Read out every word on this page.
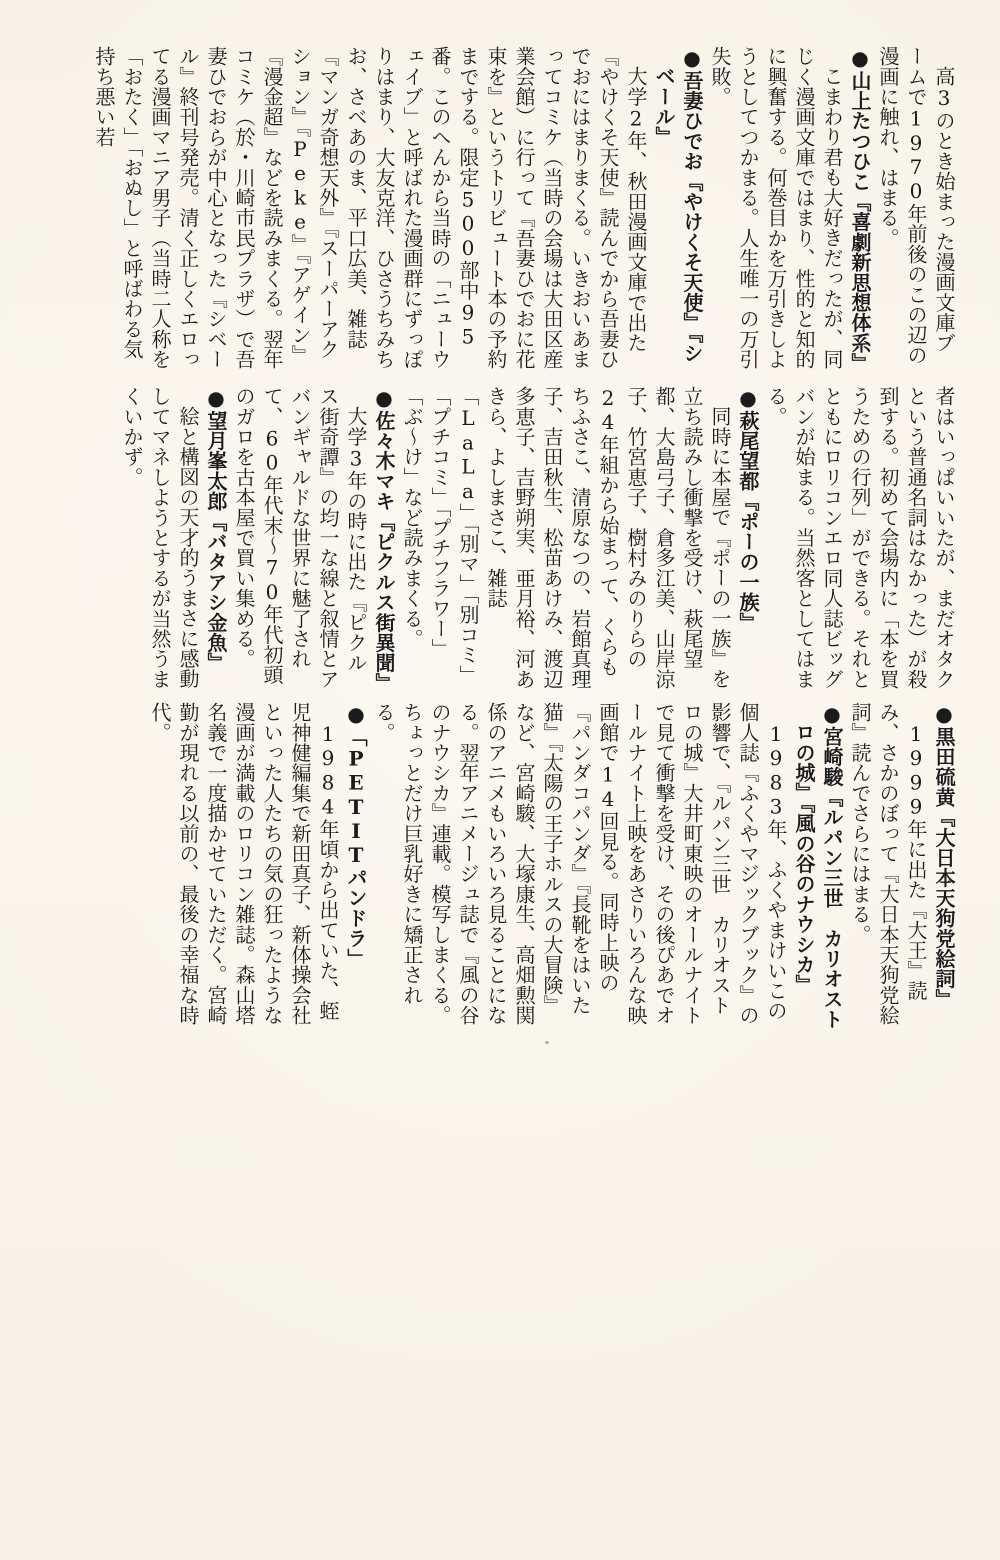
高3のとき始まった漫画文庫ブームで1970年前後のこの辺の漫画に触れ、はまる。

●山上たつひこ『喜劇新思想体系』

こまわり君も大好きだったが、同じく漫画文庫ではまり、性的と知的に興奮する。何巻目かを万引きしようとしてつかまる。人生唯一の万引失敗。

●吾妻ひでお『やけくそ天使』『シベール』

大学2年、秋田漫画文庫で出た『やけくそ天使』読んでから吾妻ひでおにはまりまくる。いきおいあまってコミケ（当時の会場は大田区産業会館）に行って『吾妻ひでおに花束を』というトリビュート本の予約までする。限定500部中95番。このへんから当時の「ニューウェイブ」と呼ばれた漫画群にずっぽりはまり、大友克洋、ひさうちみちお、さべあのま、平口広美、雑誌『マンガ奇想天外』『スーパーアクション』『Peke』『アゲイン』『漫金超』などを読みまくる。翌年コミケ（於・川崎市民プラザ）で吾妻ひでおらが中心となった『シベール』終刊号発売。清く正しくエロってる漫画マニア男子（当時二人称を「おたく」「おぬし」と呼ばわる気持ち悪い若

者はいっぱいいたが、まだオタクという普通名詞はなかった）が殺到する。初めて会場内に「本を買うための行列」ができる。それとともにロリコンエロ同人誌ビッグバンが始まる。当然客としてはまる。

●萩尾望都『ポーの一族』

同時に本屋で『ポーの一族』を立ち読みし衝撃を受け、萩尾望都、大島弓子、倉多江美、山岸涼子、竹宮恵子、樹村みのりらの24年組から始まって、くらもちふさこ、清原なつの、岩館真理子、吉田秋生、松苗あけみ、渡辺多恵子、吉野朔実、亜月裕、河あきら、よしまさこ、雑誌「LaLa」「別マ」「別コミ」「プチコミ」「プチフラワー」「ぶ〜け」など読みまくる。

●佐々木マキ『ピクルス街異聞』

大学3年の時に出た『ピクルス街奇譚』の均一な線と叙情とアバンギャルドな世界に魅了されて、60年代末〜70年代初頭のガロを古本屋で買い集める。

●望月峯太郎『バタアシ金魚』

絵と構図の天才的うまさに感動してマネしようとするが当然うまくいかず。

●黒田硫黄『大日本天狗党絵詞』

1999年に出た『大王』読み、さかのぼって『大日本天狗党絵詞』読んでさらにはまる。

●宮崎駿『ルパン三世　カリオストロの城』『風の谷のナウシカ』

1983年、ふくやまけいこの個人誌『ふくやマジックブック』の影響で、『ルパン三世　カリオストロの城』大井町東映のオールナイトで見て衝撃を受け、その後ぴあでオールナイト上映をあさりいろんな映画館で14回見る。同時上映の『パンダコパンダ』『長靴をはいた猫』『太陽の王子ホルスの大冒険』など、宮崎駿、大塚康生、高畑勲関係のアニメもいろいろ見ることになる。翌年アニメージュ誌で『風の谷のナウシカ』連載。模写しまくる。ちょっとだけ巨乳好きに矯正される。

●「PETITパンドラ」

1984年頃から出ていた、蛭児神健編集で新田真子、新体操会社といった人たちの気の狂ったような漫画が満載のロリコン雑誌。森山塔名義で一度描かせていただく。宮崎勤が現れる以前の、最後の幸福な時代。
